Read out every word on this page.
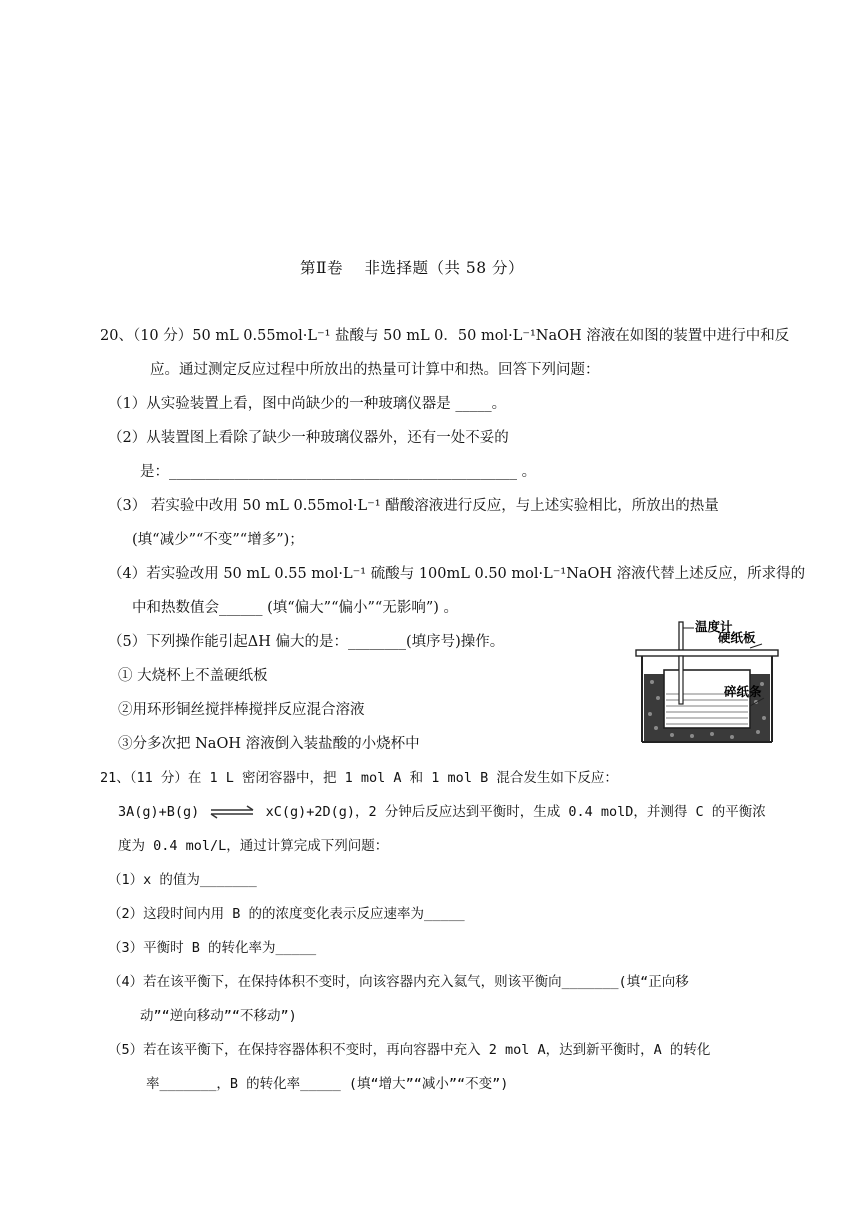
第Ⅱ卷　 非选择题（共 58 分）
20、（10 分）50 mL 0.55mol·L⁻¹ 盐酸与 50 mL 0．50 mol·L⁻¹NaOH 溶液在如图的装置中进行中和反
应。通过测定反应过程中所放出的热量可计算中和热。回答下列问题：
（1）从实验装置上看，图中尚缺少的一种玻璃仪器是 _____。
（2）从装置图上看除了缺少一种玻璃仪器外，还有一处不妥的
是：________________________________________________ 。
（3） 若实验中改用 50 mL 0.55mol·L⁻¹ 醋酸溶液进行反应，与上述实验相比，所放出的热量
(填“减少”“不变”“增多”)；
（4）若实验改用 50 mL 0.55 mol·L⁻¹ 硫酸与 100mL 0.50 mol·L⁻¹NaOH 溶液代替上述反应，所求得的
中和热数值会______ (填“偏大”“偏小”“无影响”) 。
（5）下列操作能引起ΔH 偏大的是：________(填序号)操作。
① 大烧杯上不盖硬纸板
②用环形铜丝搅拌棒搅拌反应混合溶液
③分多次把 NaOH 溶液倒入装盐酸的小烧杯中
温度计
硬纸板
碎纸条
21、（11 分）在 1 L 密闭容器中，把 1 mol A 和 1 mol B 混合发生如下反应：
3A(g)+B(g) ⇌ xC(g)+2D(g)，2 分钟后反应达到平衡时，生成 0.4 molD，并测得 C 的平衡浓
度为 0.4 mol/L，通过计算完成下列问题：
（1）x 的值为_______
（2）这段时间内用 B 的的浓度变化表示反应速率为_____
（3）平衡时 B 的转化率为_____
（4）若在该平衡下，在保持体积不变时，向该容器内充入氦气，则该平衡向_______(填“正向移
动”“逆向移动”“不移动”)
（5）若在该平衡下，在保持容器体积不变时，再向容器中充入 2 mol A，达到新平衡时，A 的转化
率_______，B 的转化率_____ (填“增大”“减小”“不变”)
